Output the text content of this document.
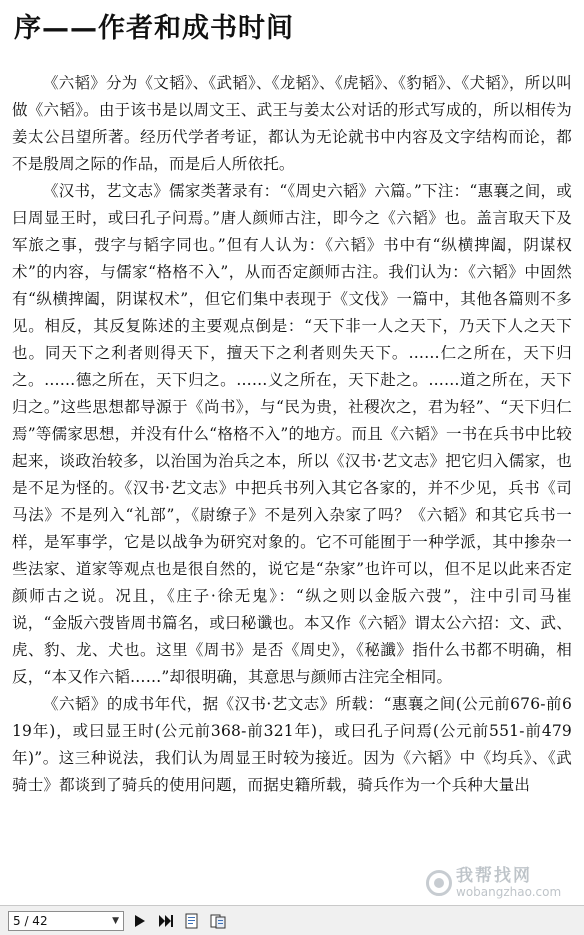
序——作者和成书时间

《六韬》分为《文韬》、《武韬》、《龙韬》、《虎韬》、《豹韬》、《犬韬》，所以叫做《六韬》。由于该书是以周文王、武王与姜太公对话的形式写成的，所以相传为姜太公吕望所著。经历代学者考证，都认为无论就书中内容及文字结构而论，都不是殷周之际的作品，而是后人所依托。

《汉书，艺文志》儒家类著录有：“《周史六韬》六篇。”下注：“惠襄之间，或曰周显王时，或曰孔子问焉。”唐人颜师古注，即今之《六韬》也。盖言取天下及军旅之事，弢字与韬字同也。”但有人认为：《六韬》书中有“纵横捭阖，阴谋权术”的内容，与儒家“格格不入”，从而否定颜师古注。我们认为：《六韬》中固然有“纵横捭阖，阴谋权术”，但它们集中表现于《文伐》一篇中，其他各篇则不多见。相反，其反复陈述的主要观点倒是：“天下非一人之天下，乃天下人之天下也。同天下之利者则得天下，擅天下之利者则失天下。……仁之所在，天下归之。……德之所在，天下归之。……义之所在，天下赴之。……道之所在，天下归之。”这些思想都导源于《尚书》，与“民为贵，社稷次之，君为轻”、“天下归仁焉”等儒家思想，并没有什么“格格不入”的地方。而且《六韬》一书在兵书中比较起来，谈政治较多，以治国为治兵之本，所以《汉书·艺文志》把它归入儒家，也是不足为怪的。《汉书·艺文志》中把兵书列入其它各家的，并不少见，兵书《司马法》不是列入“礼部”，《尉缭子》不是列入杂家了吗？《六韬》和其它兵书一样，是军事学，它是以战争为研究对象的。它不可能囿于一种学派，其中掺杂一些法家、道家等观点也是很自然的，说它是“杂家”也许可以，但不足以此来否定颜师古之说。况且，《庄子·徐无鬼》：“纵之则以金版六弢”，注中引司马崔说，“金版六弢皆周书篇名，或曰秘谶也。本又作《六韬》谓太公六招：文、武、虎、豹、龙、犬也。这里《周书》是否《周史》，《秘讖》指什么书都不明确，相反，“本又作六韬……”却很明确，其意思与颜师古注完全相同。

《六韬》的成书年代，据《汉书·艺文志》所载：“惠襄之间(公元前676-前619年)，或曰显王时(公元前368-前321年)，或曰孔子问焉(公元前551-前479年)”。这三种说法，我们认为周显王时较为接近。因为《六韬》中《均兵》、《武骑士》都谈到了骑兵的使用问题，而据史籍所载，骑兵作为一个兵种大量出

我帮找网
wobangzhao.com
5 / 42	▼
